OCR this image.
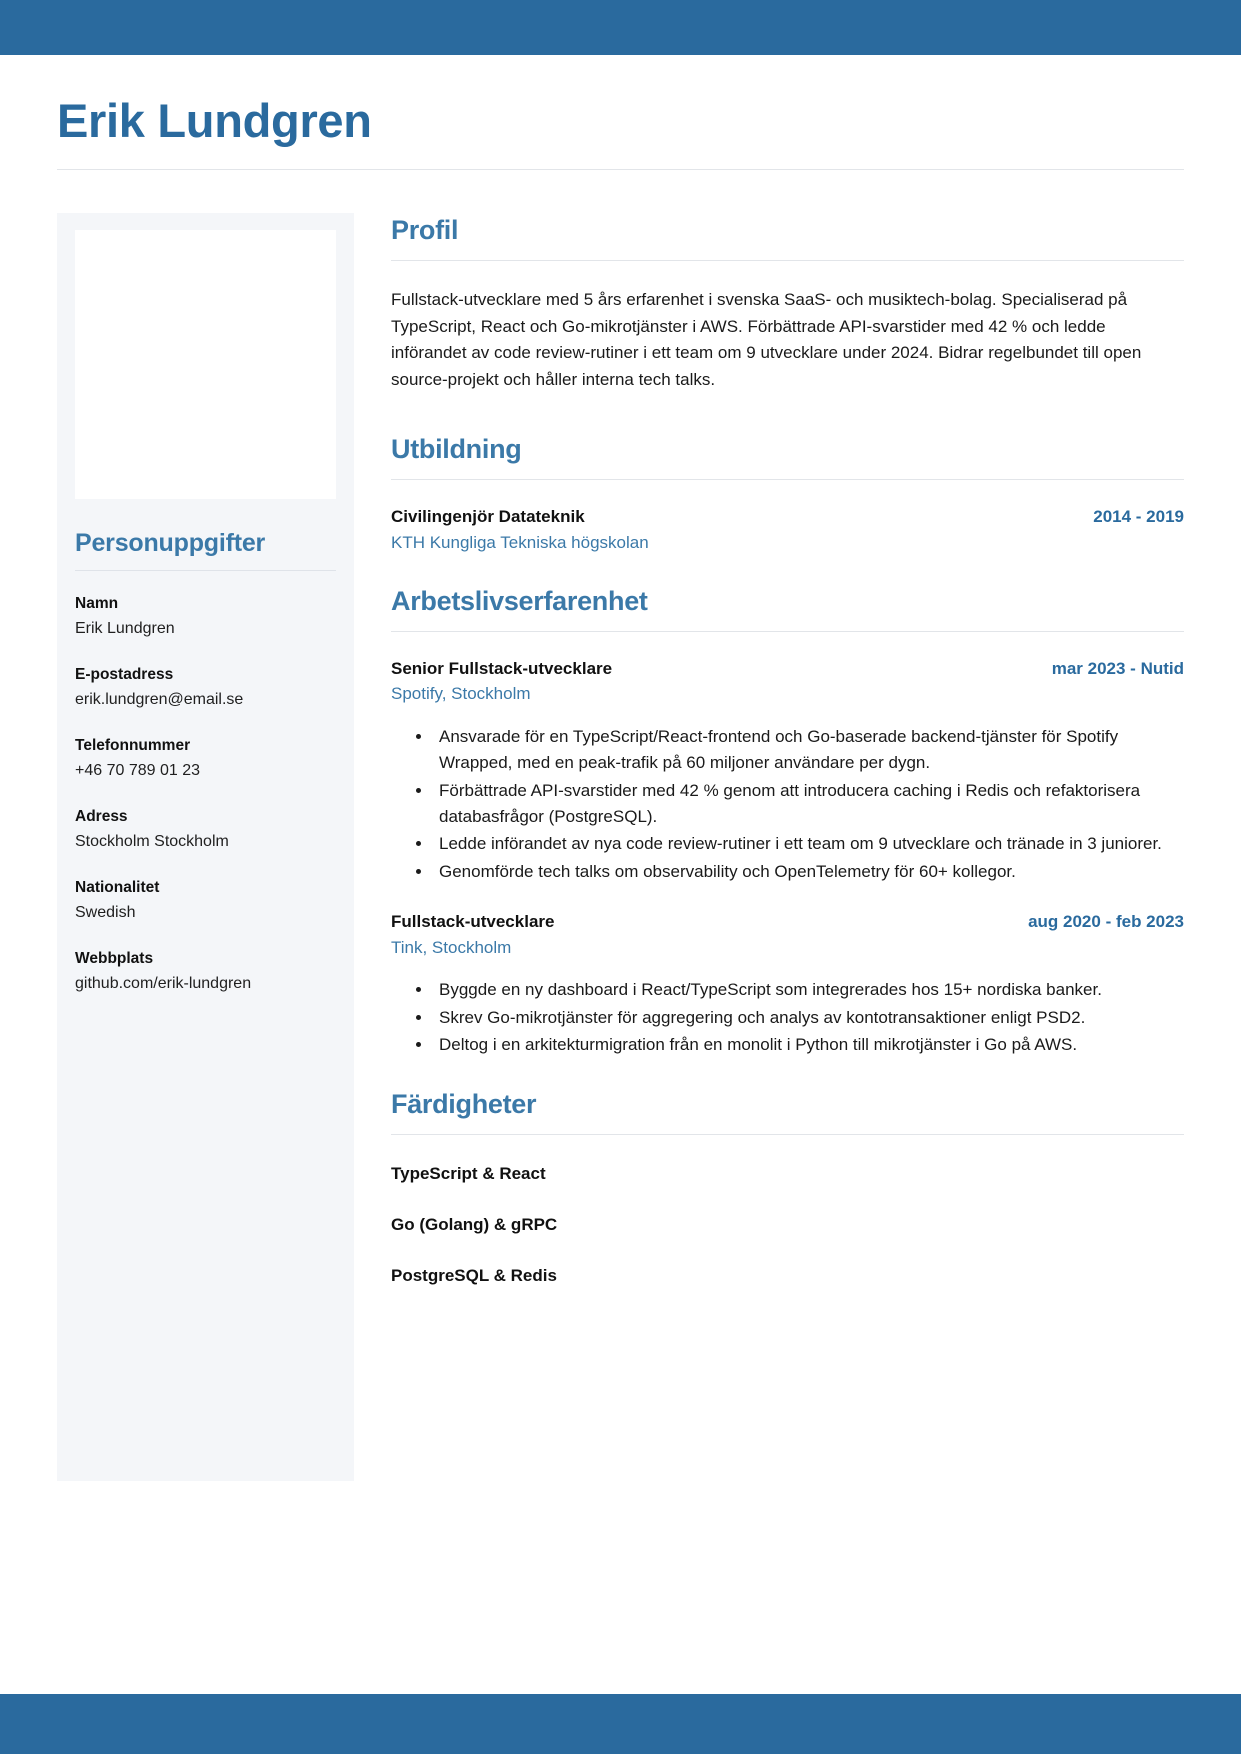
Erik Lundgren
Personuppgifter
Namn
Erik Lundgren
E-postadress
erik.lundgren@email.se
Telefonnummer
+46 70 789 01 23
Adress
Stockholm Stockholm
Nationalitet
Swedish
Webbplats
github.com/erik-lundgren
Profil

Fullstack-utvecklare med 5 års erfarenhet i svenska SaaS- och musiktech-bolag. Specialiserad på TypeScript, React och Go-mikrotjänster i AWS. Förbättrade API-svarstider med 42 % och ledde införandet av code review-rutiner i ett team om 9 utvecklare under 2024. Bidrar regelbundet till open source-projekt och håller interna tech talks.

Utbildning
Civilingenjör Datateknik	2014 - 2019
KTH Kungliga Tekniska högskolan
Arbetslivserfarenhet
Senior Fullstack-utvecklare	mar 2023 - Nutid
Spotify, Stockholm
• Ansvarade för en TypeScript/React-frontend och Go-baserade backend-tjänster för Spotify Wrapped, med en peak-trafik på 60 miljoner användare per dygn.
• Förbättrade API-svarstider med 42 % genom att introducera caching i Redis och refaktorisera databasfrågor (PostgreSQL).
• Ledde införandet av nya code review-rutiner i ett team om 9 utvecklare och tränade in 3 juniorer.
• Genomförde tech talks om observability och OpenTelemetry för 60+ kollegor.
Fullstack-utvecklare	aug 2020 - feb 2023
Tink, Stockholm
• Byggde en ny dashboard i React/TypeScript som integrerades hos 15+ nordiska banker.
• Skrev Go-mikrotjänster för aggregering och analys av kontotransaktioner enligt PSD2.
• Deltog i en arkitekturmigration från en monolit i Python till mikrotjänster i Go på AWS.
Färdigheter
TypeScript & React
Go (Golang) & gRPC
PostgreSQL & Redis
